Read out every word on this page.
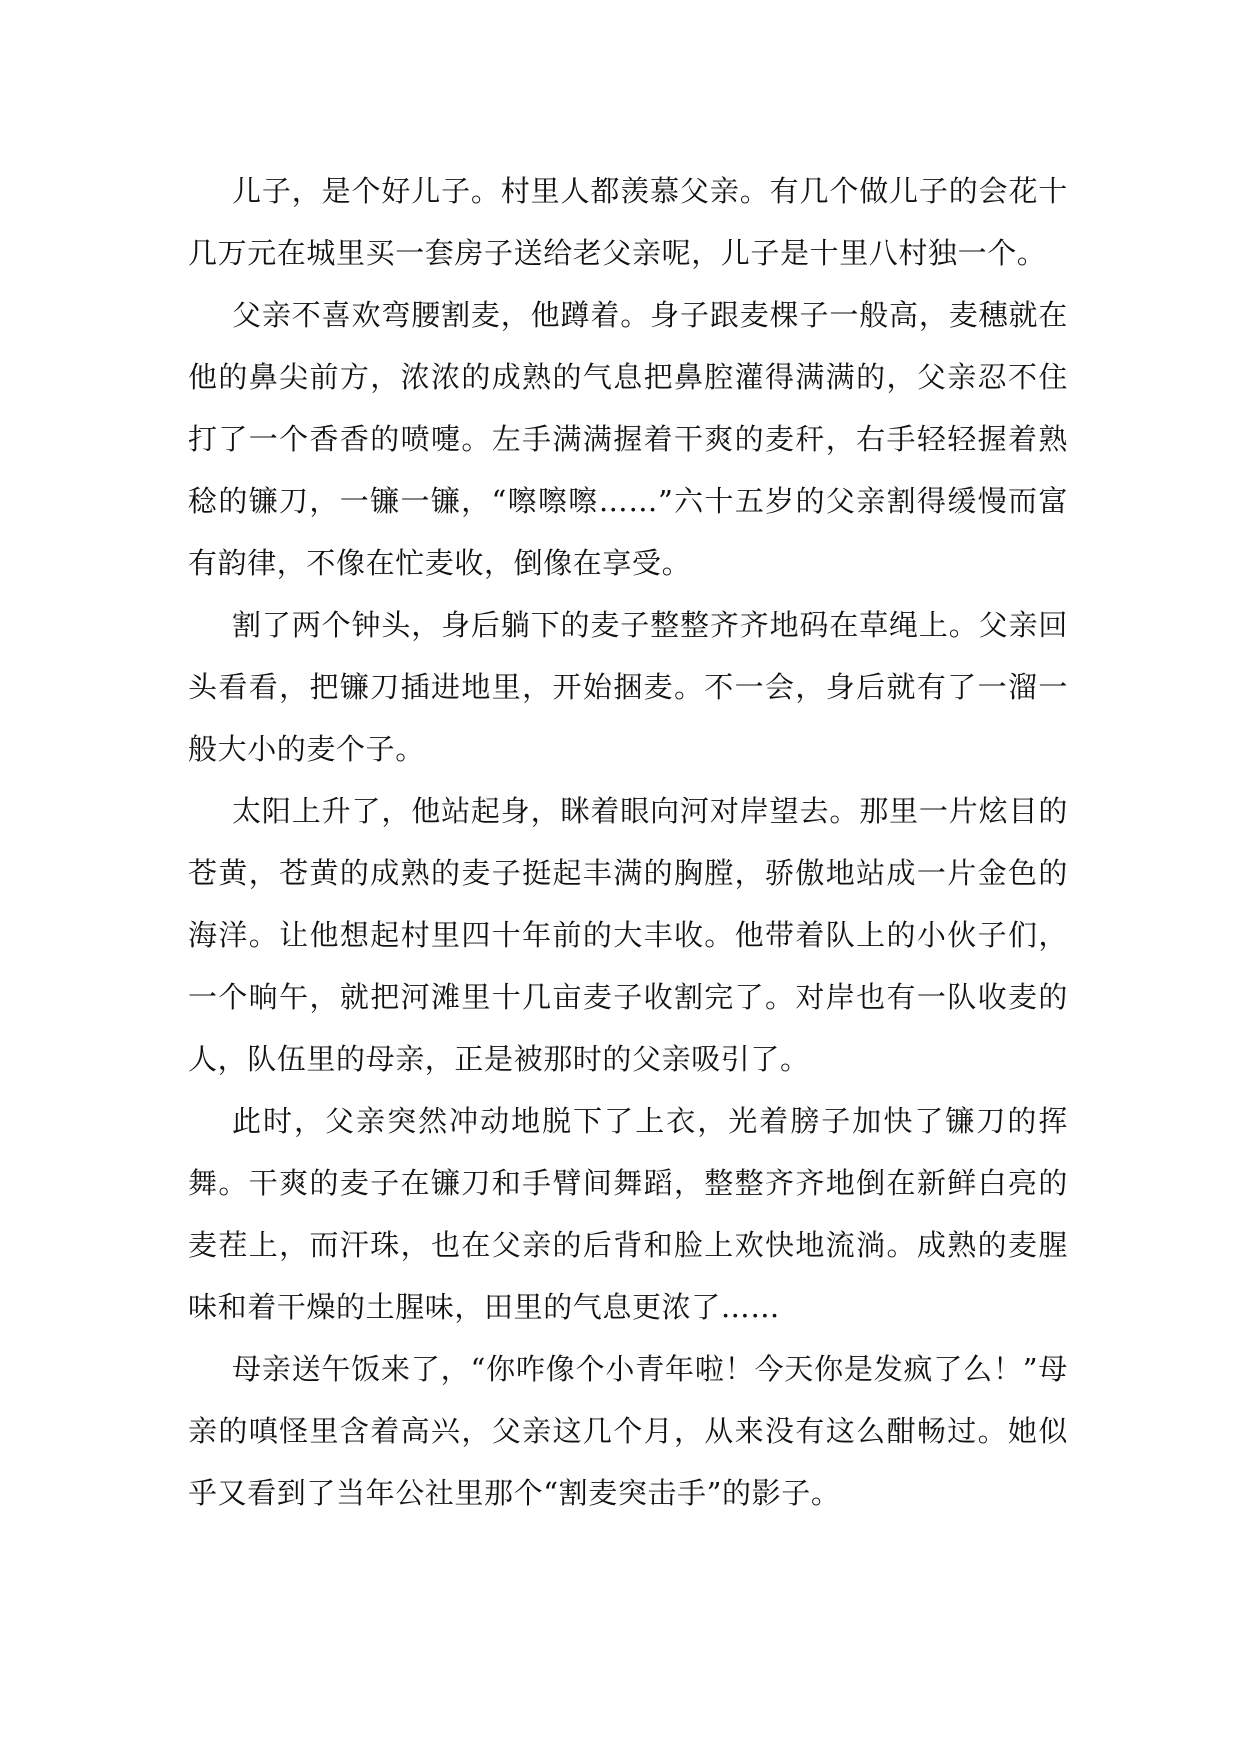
儿子，是个好儿子。村里人都羡慕父亲。有几个做儿子的会花十几万元在城里买一套房子送给老父亲呢，儿子是十里八村独一个。

父亲不喜欢弯腰割麦，他蹲着。身子跟麦棵子一般高，麦穗就在他的鼻尖前方，浓浓的成熟的气息把鼻腔灌得满满的，父亲忍不住打了一个香香的喷嚏。左手满满握着干爽的麦秆，右手轻轻握着熟稔的镰刀，一镰一镰，“嚓嚓嚓……”六十五岁的父亲割得缓慢而富有韵律，不像在忙麦收，倒像在享受。

割了两个钟头，身后躺下的麦子整整齐齐地码在草绳上。父亲回头看看，把镰刀插进地里，开始捆麦。不一会，身后就有了一溜一般大小的麦个子。

太阳上升了，他站起身，眯着眼向河对岸望去。那里一片炫目的苍黄，苍黄的成熟的麦子挺起丰满的胸膛，骄傲地站成一片金色的海洋。让他想起村里四十年前的大丰收。他带着队上的小伙子们，一个晌午，就把河滩里十几亩麦子收割完了。对岸也有一队收麦的人，队伍里的母亲，正是被那时的父亲吸引了。

此时，父亲突然冲动地脱下了上衣，光着膀子加快了镰刀的挥舞。干爽的麦子在镰刀和手臂间舞蹈，整整齐齐地倒在新鲜白亮的麦茬上，而汗珠，也在父亲的后背和脸上欢快地流淌。成熟的麦腥味和着干燥的土腥味，田里的气息更浓了……

母亲送午饭来了，“你咋像个小青年啦！今天你是发疯了么！”母亲的嗔怪里含着高兴，父亲这几个月，从来没有这么酣畅过。她似乎又看到了当年公社里那个“割麦突击手”的影子。
